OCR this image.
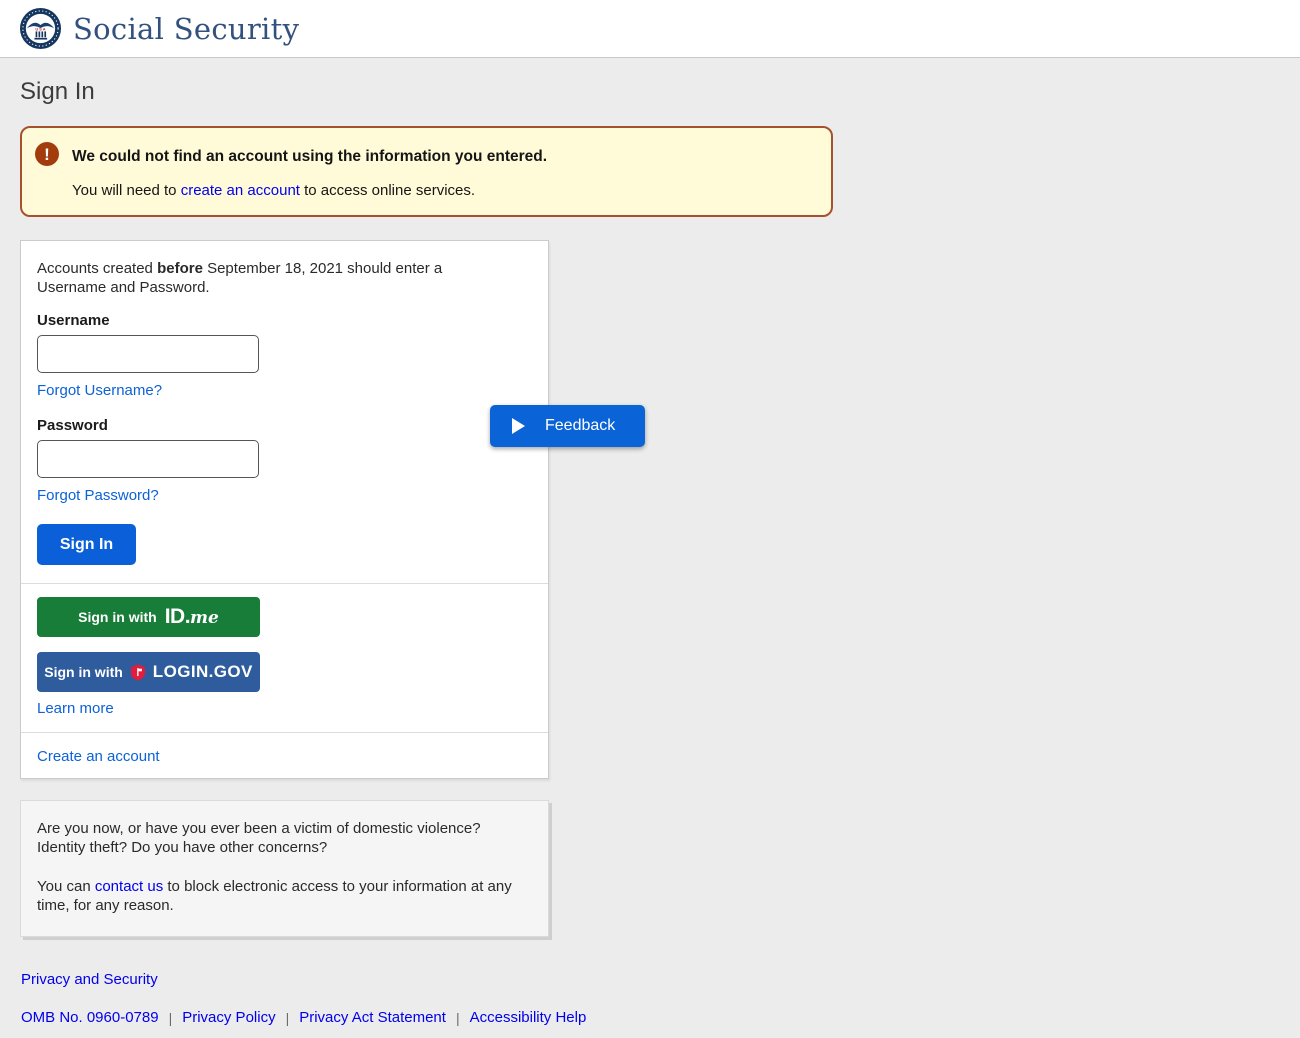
U S A Social Security
Sign In
!	We could not find an account using the information you entered.
You will need to create an account to access online services.
Accounts created before September 18, 2021 should enter a Username and Password.
Username
Forgot Username?
Password
Forgot Password?
Sign In
Sign in with ID. me
Sign in with LOGIN.GOV
Learn more
Create an account
Feedback

Are you now, or have you ever been a victim of domestic violence? Identity theft? Do you have other concerns?

You can contact us to block electronic access to your information at any time, for any reason.

Privacy and Security
OMB No. 0960-0789 | Privacy Policy | Privacy Act Statement | Accessibility Help
